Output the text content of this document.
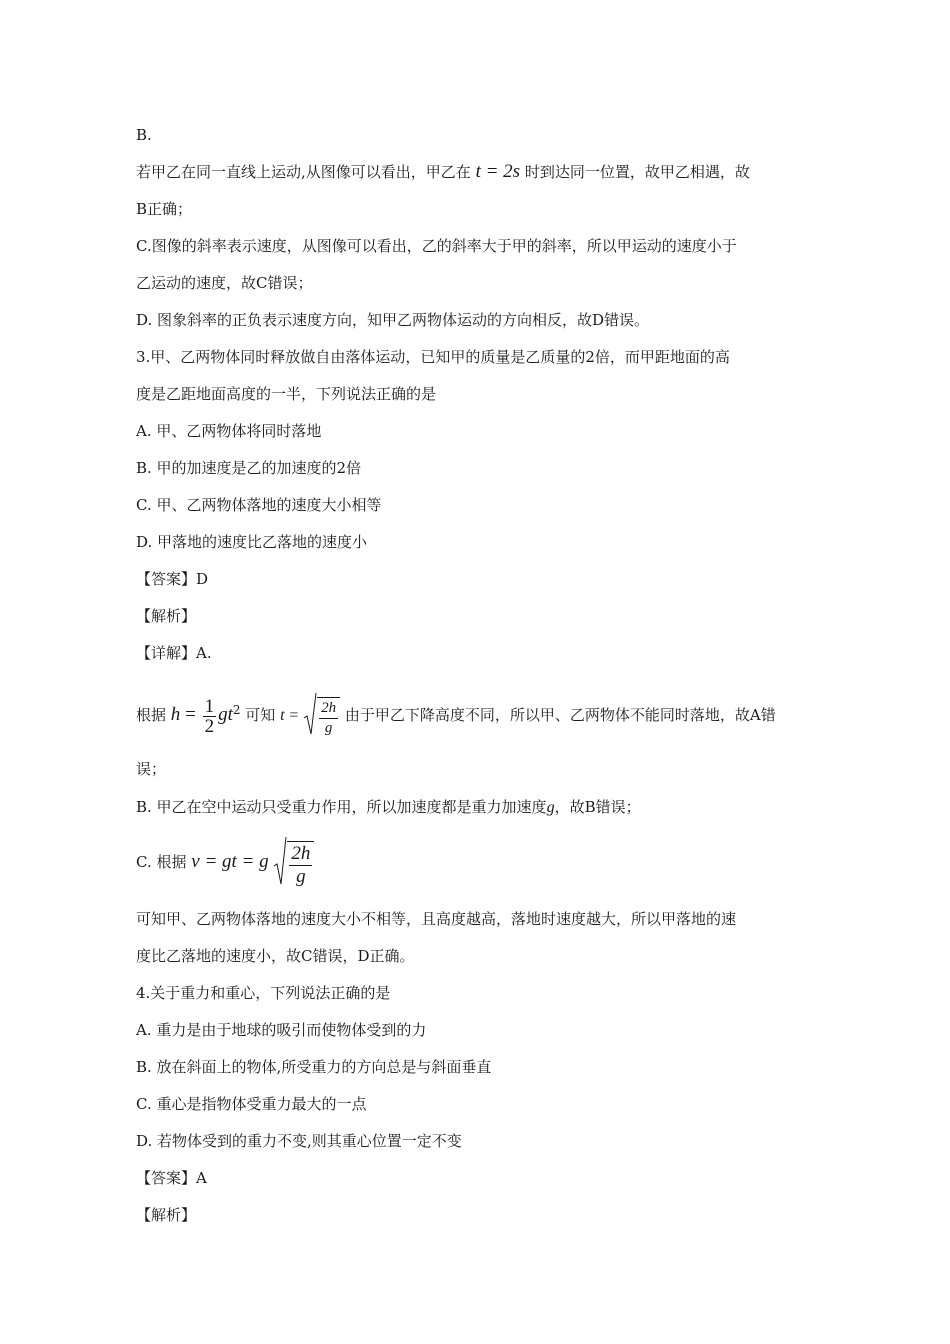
B.
若甲乙在同一直线上运动,从图像可以看出，甲乙在 t = 2s 时到达同一位置，故甲乙相遇，故
B正确；
C.图像的斜率表示速度，从图像可以看出，乙的斜率大于甲的斜率，所以甲运动的速度小于
乙运动的速度，故C错误；
D. 图象斜率的正负表示速度方向，知甲乙两物体运动的方向相反，故D错误。
3.甲、乙两物体同时释放做自由落体运动，已知甲的质量是乙质量的2倍，而甲距地面的高
度是乙距地面高度的一半，下列说法正确的是
A. 甲、乙两物体将同时落地
B. 甲的加速度是乙的加速度的2倍
C. 甲、乙两物体落地的速度大小相等
D. 甲落地的速度比乙落地的速度小
【答案】D
【解析】
【详解】A.
根据 $h = \frac{1}{2} gt^2$ 可知 $t = \frac{2h}{g}$ 由于甲乙下降高度不同，所以甲、乙两物体不能同时落地，故A错
误；
B. 甲乙在空中运动只受重力作用，所以加速度都是重力加速度g，故B错误；
C. 根据 v = gt = g $\frac{2h}{g}$
可知甲、乙两物体落地的速度大小不相等，且高度越高，落地时速度越大，所以甲落地的速
度比乙落地的速度小，故C错误，D正确。
4.关于重力和重心，下列说法正确的是
A. 重力是由于地球的吸引而使物体受到的力
B. 放在斜面上的物体,所受重力的方向总是与斜面垂直
C. 重心是指物体受重力最大的一点
D. 若物体受到的重力不变,则其重心位置一定不变
【答案】A
【解析】
